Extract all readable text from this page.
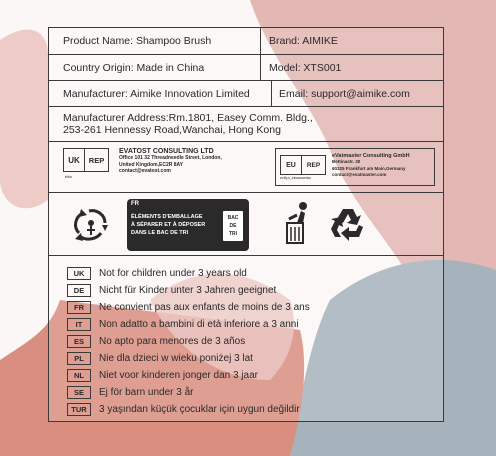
Product Name: Shampoo Brush	Brand: AIMIKE
Country Origin: Made in China	Model: XTS001
Manufacturer: Aimike Innovation Limited	Email: support@aimike.com
Manufacturer Address:Rm.1801, Easey Comm. Bldg.,
253-261 Hennessy Road,Wanchai, Hong Kong
UK	REP
trita
EVATOST CONSULTING LTD
Office 101 32 Threadneedle Street, London,
United Kingdom,EC2R 8AY
contact@evatost.com
EU	REP
evtfy,s_ekwaoamtar
eVatmaster Consulting GmbH
Bettinastr. 30
60325 Frankfurt am Main,Germany
contact@evatmaster.com
FR
ÉLÉMENTS D'EMBALLAGE
À SÉPARER ET À DÉPOSER
DANS LE BAC DE TRI
BAC
DE
TRI
UK	Not for children under 3 years old
DE	Nicht für Kinder unter 3 Jahren geeignet
FR	Ne convient pas aux enfants de moins de 3 ans
IT	Non adatto a bambini di età inferiore a 3 anni
ES	No apto para menores de 3 años
PL	Nie dla dzieci w wieku poniżej 3 lat
NL	Niet voor kinderen jonger dan 3 jaar
SE	Ej för barn under 3 år
TUR	3 yaşından küçük çocuklar için uygun değildir
